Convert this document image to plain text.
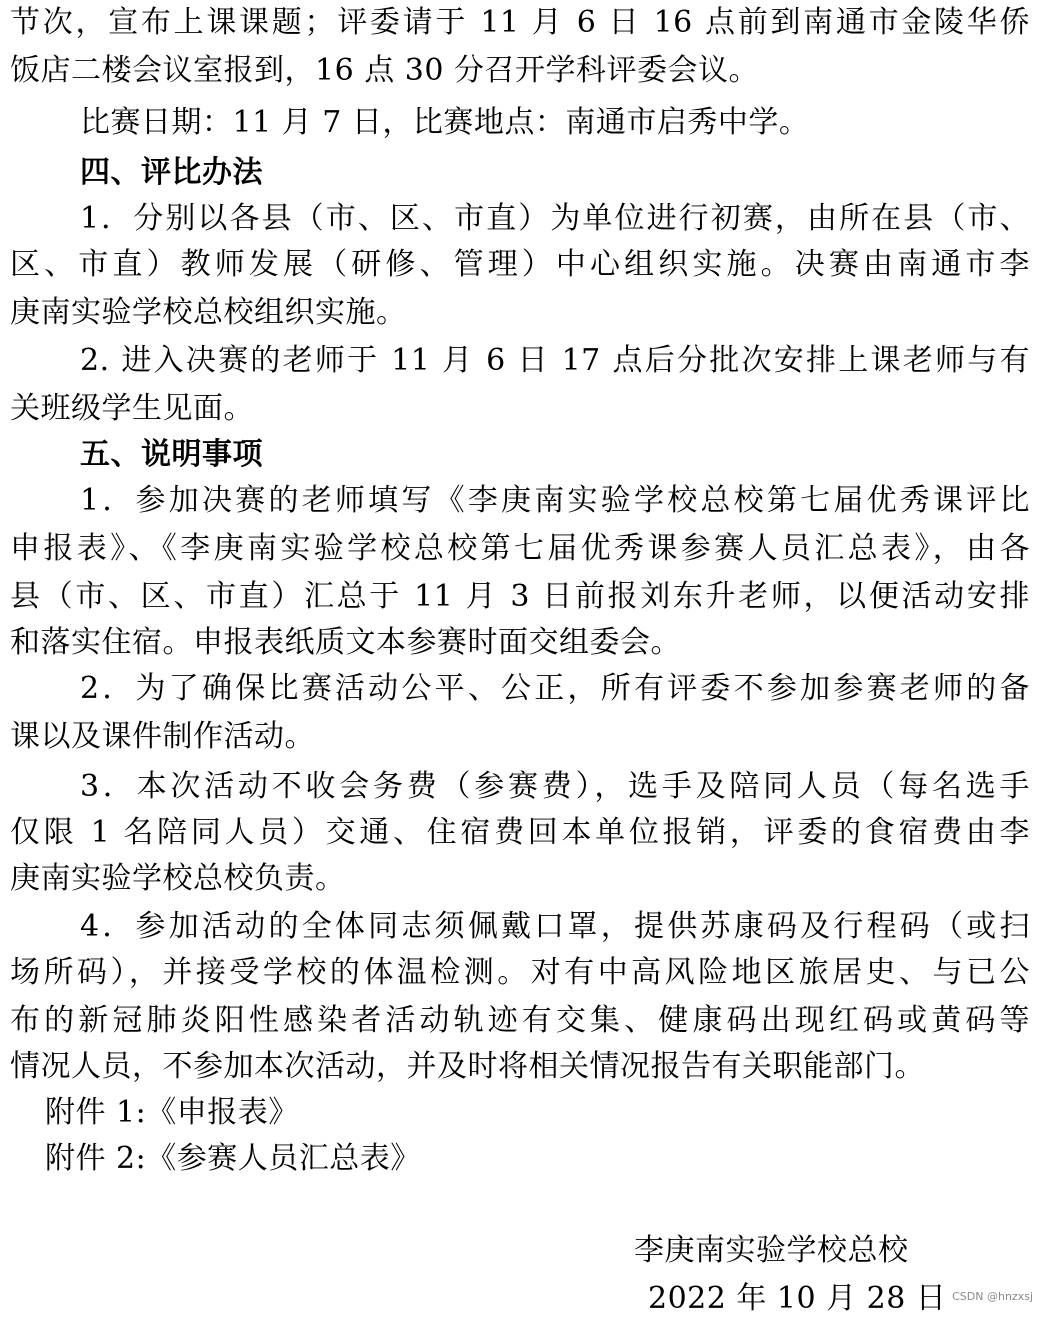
节次，宣布上课课题；评委请于 11 月 6 日 16 点前到南通市金陵华侨
饭店二楼会议室报到，16 点 30 分召开学科评委会议。
比赛日期：11 月 7 日，比赛地点：南通市启秀中学。
四、评比办法
1．分别以各县（市、区、市直）为单位进行初赛，由所在县（市、
区、市直）教师发展（研修、管理）中心组织实施。决赛由南通市李
庚南实验学校总校组织实施。
2. 进入决赛的老师于 11 月 6 日 17 点后分批次安排上课老师与有
关班级学生见面。
五、说明事项
1．参加决赛的老师填写《李庚南实验学校总校第七届优秀课评比
申报表》、《李庚南实验学校总校第七届优秀课参赛人员汇总表》，由各
县（市、区、市直）汇总于 11 月 3 日前报刘东升老师，以便活动安排
和落实住宿。申报表纸质文本参赛时面交组委会。
2．为了确保比赛活动公平、公正，所有评委不参加参赛老师的备
课以及课件制作活动。
3．本次活动不收会务费（参赛费），选手及陪同人员（每名选手
仅限 1 名陪同人员）交通、住宿费回本单位报销，评委的食宿费由李
庚南实验学校总校负责。
4．参加活动的全体同志须佩戴口罩，提供苏康码及行程码（或扫
场所码），并接受学校的体温检测。对有中高风险地区旅居史、与已公
布的新冠肺炎阳性感染者活动轨迹有交集、健康码出现红码或黄码等
情况人员，不参加本次活动，并及时将相关情况报告有关职能部门。
附件 1:《申报表》
附件 2:《参赛人员汇总表》
李庚南实验学校总校
2022 年 10 月 28 日 CSDN @hnzxsj
